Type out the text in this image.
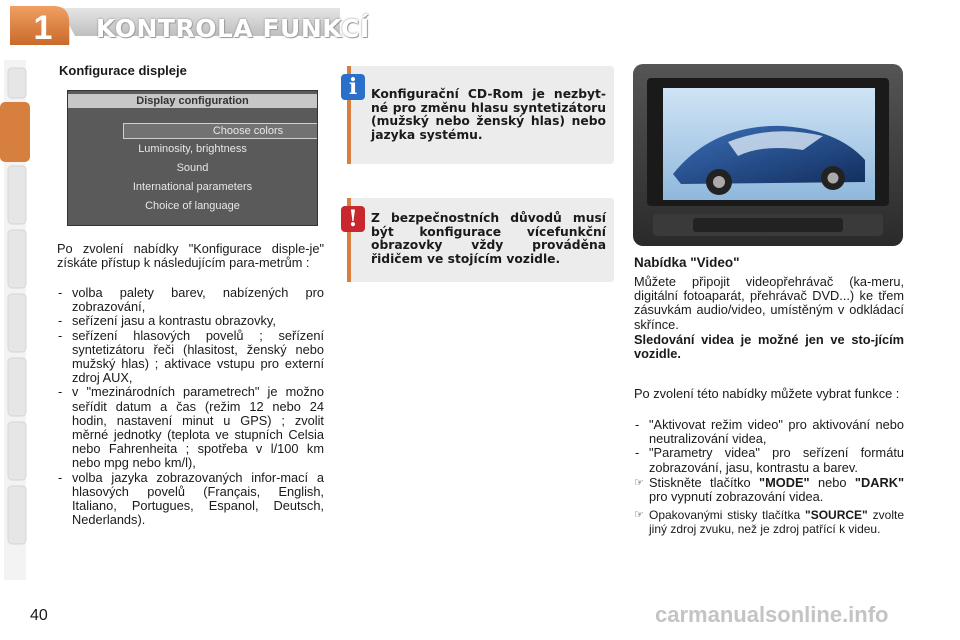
1	KONTROLA FUNKCÍ
Konfigurace displeje
Display configuration
Choose colors
Luminosity, brightness
Sound
International parameters
Choice of language
Po zvolení nabídky "Konfigurace disple-je" získáte přístup k následujícím para-metrům :
- volba palety barev, nabízených pro zobrazování,
- seřízení jasu a kontrastu obrazovky,
- seřízení hlasových povelů ; seřízení syntetizátoru řeči (hlasitost, ženský nebo mužský hlas) ; aktivace vstupu pro externí zdroj AUX,
- v "mezinárodních parametrech" je možno seřídit datum a čas (režim 12 nebo 24 hodin, nastavení minut u GPS) ; zvolit měrné jednotky (teplota ve stupních Celsia nebo Fahrenheita ; spotřeba v l/100 km nebo mpg nebo km/l),
- volba jazyka zobrazovaných infor-mací a hlasových povelů (Français, English, Italiano, Portugues, Espanol, Deutsch, Nederlands).
Konfigurační CD-Rom je nezbyt-né pro změnu hlasu syntetizátoru (mužský nebo ženský hlas) nebo jazyka systému.
i
Z bezpečnostních důvodů musí být konfigurace vícefunkční obrazovky vždy prováděna řidičem ve stojícím vozidle.
!
Nabídka "Video"
Můžete připojit videopřehrávač (ka-meru, digitální fotoaparát, přehrávač DVD...) ke třem zásuvkám audio/video, umístěným v odkládací skřínce.
Sledování videa je možné jen ve sto-jícím vozidle.
Po zvolení této nabídky můžete vybrat funkce :
- "Aktivovat režim video" pro aktivování nebo neutralizování videa,
- "Parametry videa" pro seřízení formátu zobrazování, jasu, kontrastu a barev.
☞ Stiskněte tlačítko "MODE" nebo "DARK" pro vypnutí zobrazování videa.
☞ Opakovanými stisky tlačítka "SOURCE" zvolte jiný zdroj zvuku, než je zdroj patřící k videu.
40	carmanualsonline.info
